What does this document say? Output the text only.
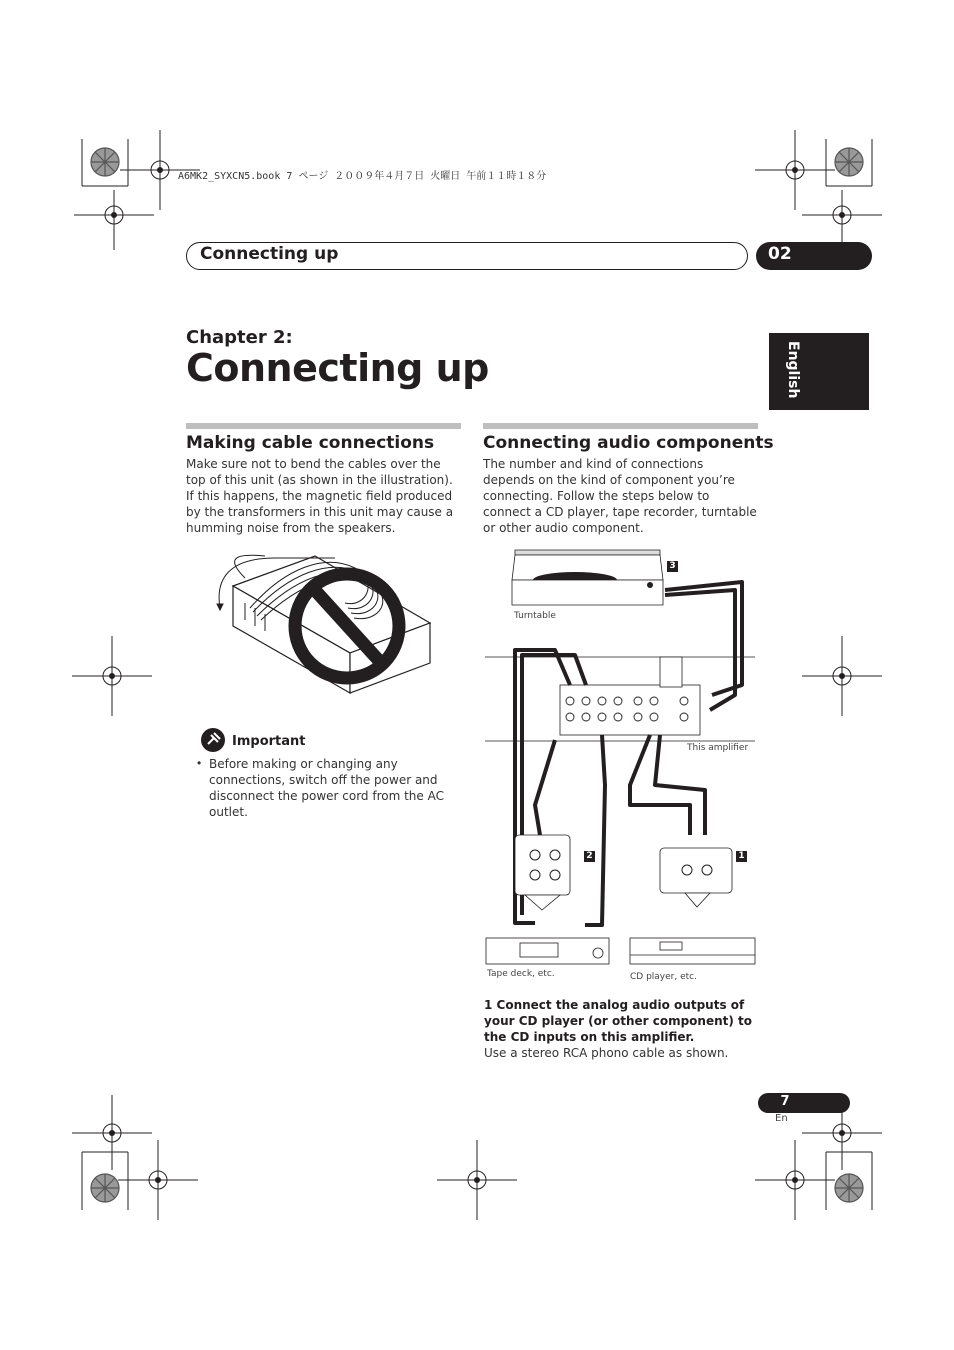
A6MK2_SYXCN5.book 7 ページ ２００９年４月７日 火曜日 午前１１時１８分
Connecting up	02
English
Chapter 2:
Connecting up
Making cable connections
Make sure not to bend the cables over the top of this unit (as shown in the illustration). If this happens, the magnetic field produced by the transformers in this unit may cause a humming noise from the speakers.
Important
• Before making or changing any connections, switch off the power and disconnect the power cord from the AC outlet.
Connecting audio components
The number and kind of connections depends on the kind of component you’re connecting. Follow the steps below to connect a CD player, tape recorder, turntable or other audio component.
Turntable
This amplifier
Tape deck, etc.	CD player, etc.
3
2	1
1 Connect the analog audio outputs of your CD player (or other component) to the CD inputs on this amplifier.
Use a stereo RCA phono cable as shown.
7
En
